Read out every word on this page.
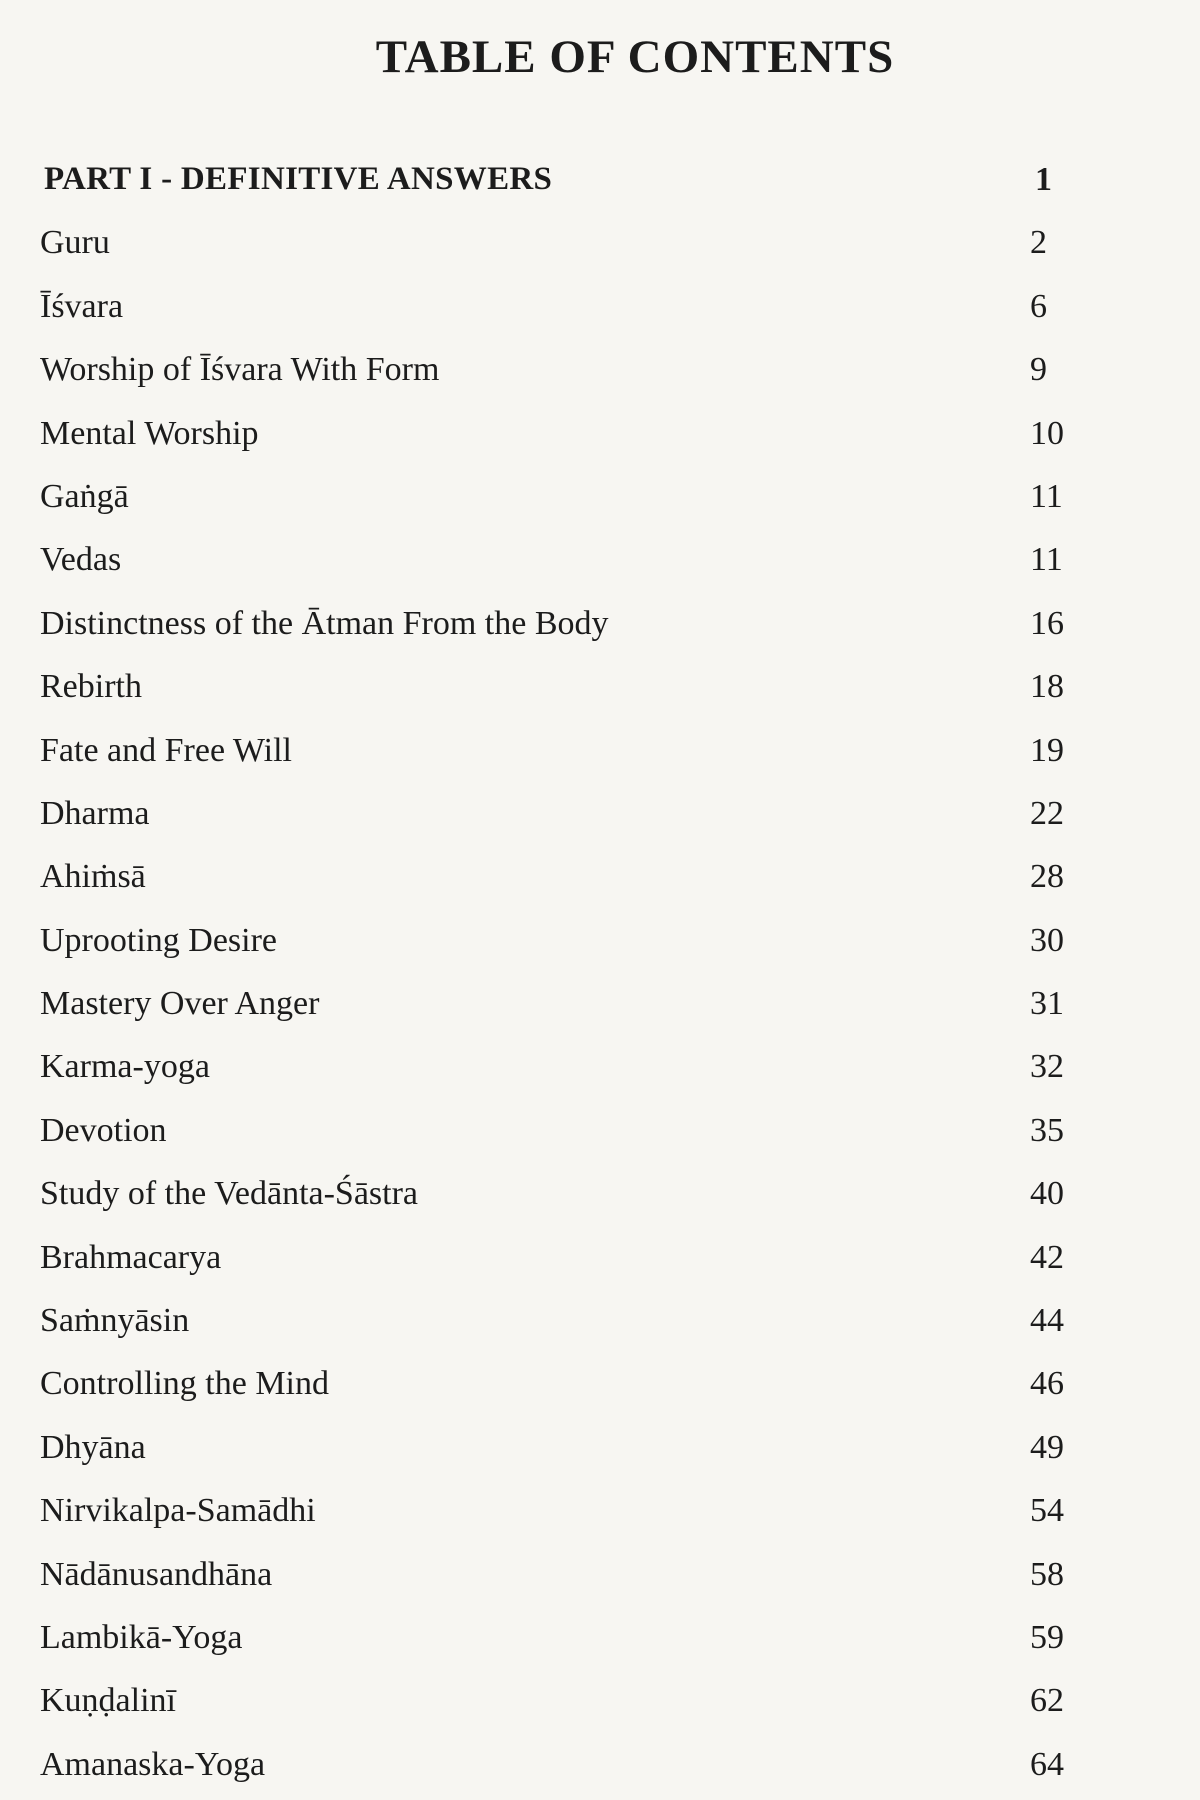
TABLE OF CONTENTS
PART I - DEFINITIVE ANSWERS	1
Guru	2
Īśvara	6
Worship of Īśvara With Form	9
Mental Worship	10
Gaṅgā	11
Vedas	11
Distinctness of the Ātman From the Body	16
Rebirth	18
Fate and Free Will	19
Dharma	22
Ahiṁsā	28
Uprooting Desire	30
Mastery Over Anger	31
Karma-yoga	32
Devotion	35
Study of the Vedānta-Śāstra	40
Brahmacarya	42
Saṁnyāsin	44
Controlling the Mind	46
Dhyāna	49
Nirvikalpa-Samādhi	54
Nādānusandhāna	58
Lambikā-Yoga	59
Kuṇḍalinī	62
Amanaska-Yoga	64
